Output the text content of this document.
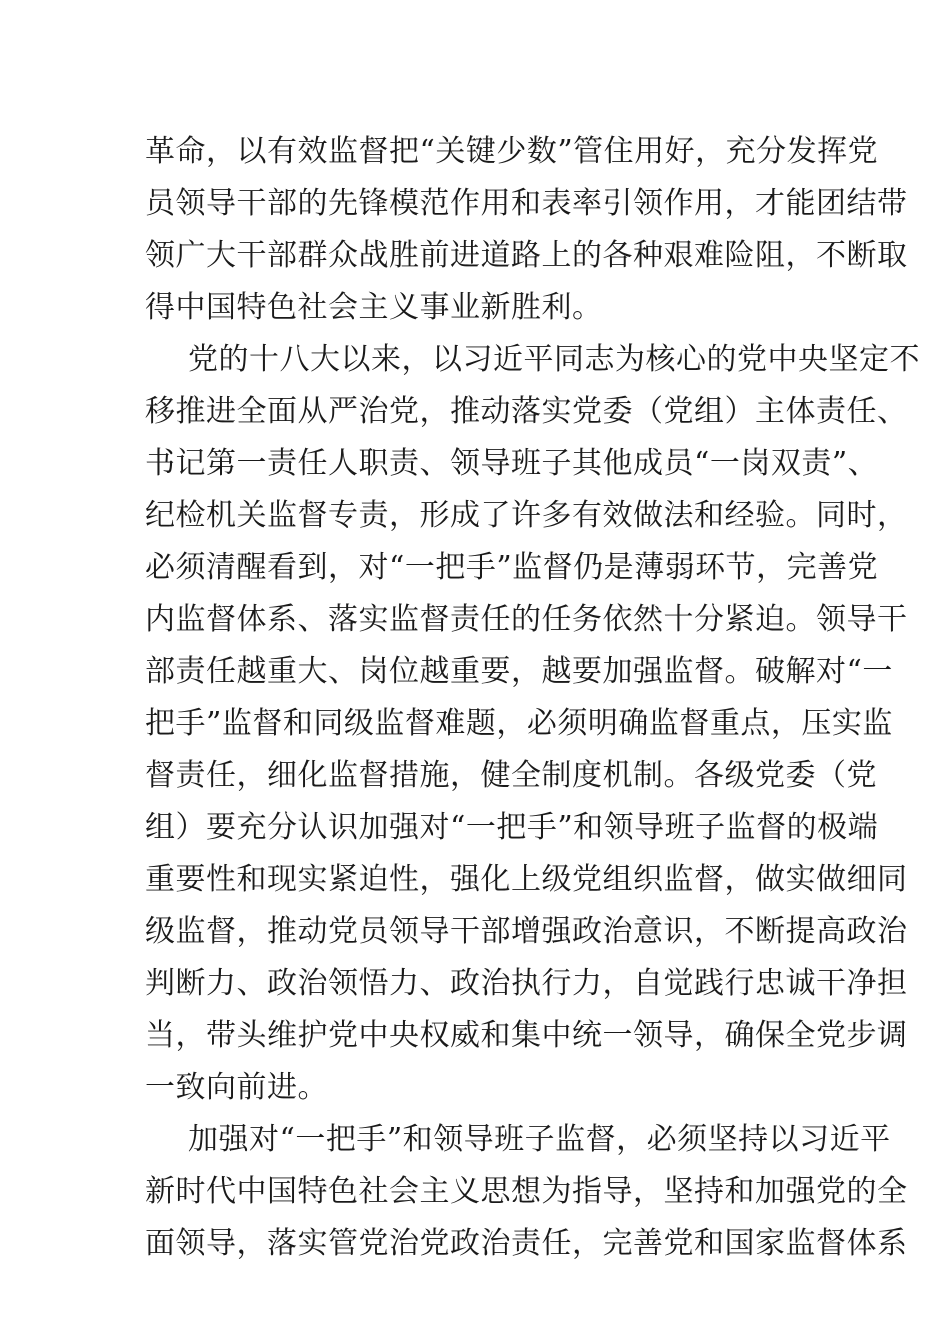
革命，以有效监督把“关键少数”管住用好，充分发挥党
员领导干部的先锋模范作用和表率引领作用，才能团结带
领广大干部群众战胜前进道路上的各种艰难险阻，不断取
得中国特色社会主义事业新胜利。
党的十八大以来，以习近平同志为核心的党中央坚定不
移推进全面从严治党，推动落实党委（党组）主体责任、
书记第一责任人职责、领导班子其他成员“一岗双责”、
纪检机关监督专责，形成了许多有效做法和经验。同时，
必须清醒看到，对“一把手”监督仍是薄弱环节，完善党
内监督体系、落实监督责任的任务依然十分紧迫。领导干
部责任越重大、岗位越重要，越要加强监督。破解对“一
把手”监督和同级监督难题，必须明确监督重点，压实监
督责任，细化监督措施，健全制度机制。各级党委（党
组）要充分认识加强对“一把手”和领导班子监督的极端
重要性和现实紧迫性，强化上级党组织监督，做实做细同
级监督，推动党员领导干部增强政治意识，不断提高政治
判断力、政治领悟力、政治执行力，自觉践行忠诚干净担
当，带头维护党中央权威和集中统一领导，确保全党步调
一致向前进。
加强对“一把手”和领导班子监督，必须坚持以习近平
新时代中国特色社会主义思想为指导，坚持和加强党的全
面领导，落实管党治党政治责任，完善党和国家监督体系
